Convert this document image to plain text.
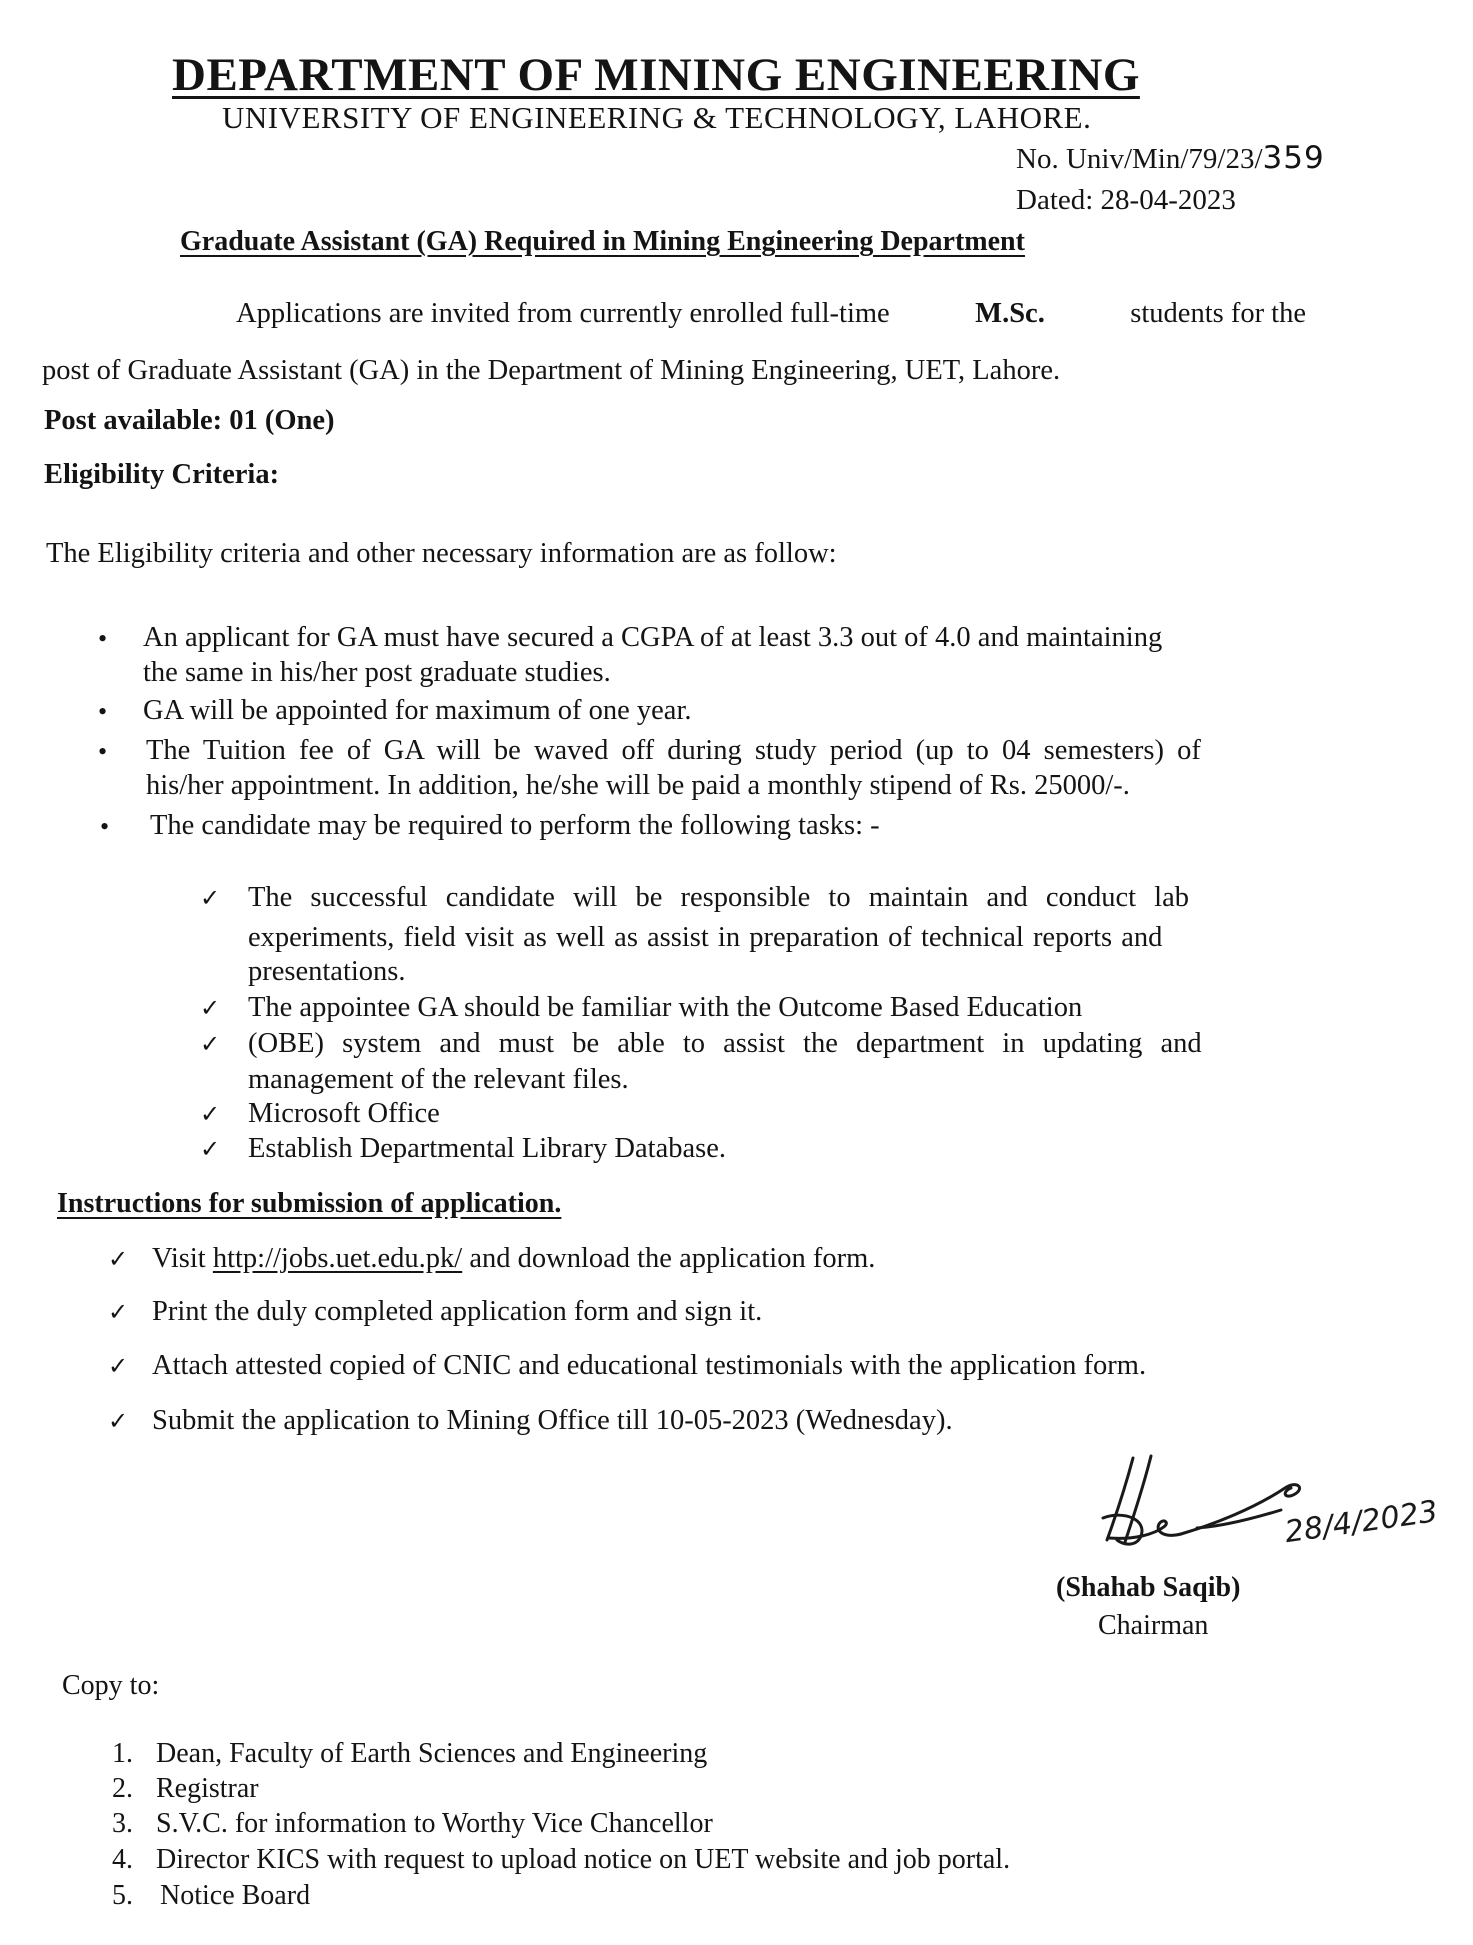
DEPARTMENT OF MINING ENGINEERING
UNIVERSITY OF ENGINEERING & TECHNOLOGY, LAHORE.
No. Univ/Min/79/23/359
Dated: 28-04-2023
Graduate Assistant (GA) Required in Mining Engineering Department
Applications are invited from currently enrolled full-time	M.Sc.	students for the
post of Graduate Assistant (GA) in the Department of Mining Engineering, UET, Lahore.
Post available: 01 (One)
Eligibility Criteria:
The Eligibility criteria and other necessary information are as follow:
• An applicant for GA must have secured a CGPA of at least 3.3 out of 4.0 and maintaining
the same in his/her post graduate studies.
• GA will be appointed for maximum of one year.
• The Tuition fee of GA will be waved off during study period (up to 04 semesters) of
his/her appointment. In addition, he/she will be paid a monthly stipend of Rs. 25000/-.
• The candidate may be required to perform the following tasks: -
✓ The successful candidate will be responsible to maintain and conduct lab
experiments, field visit as well as assist in preparation of technical reports and
presentations.
✓ The appointee GA should be familiar with the Outcome Based Education
✓ (OBE) system and must be able to assist the department in updating and
management of the relevant files.
✓ Microsoft Office
✓ Establish Departmental Library Database.
Instructions for submission of application.
✓ Visit http://jobs.uet.edu.pk/ and download the application form.
✓ Print the duly completed application form and sign it.
✓ Attach attested copied of CNIC and educational testimonials with the application form.
✓ Submit the application to Mining Office till 10-05-2023 (Wednesday).
28/4/2023
(Shahab Saqib)
Chairman
Copy to:
1. Dean, Faculty of Earth Sciences and Engineering
2. Registrar
3. S.V.C. for information to Worthy Vice Chancellor
4. Director KICS with request to upload notice on UET website and job portal.
5. Notice Board
